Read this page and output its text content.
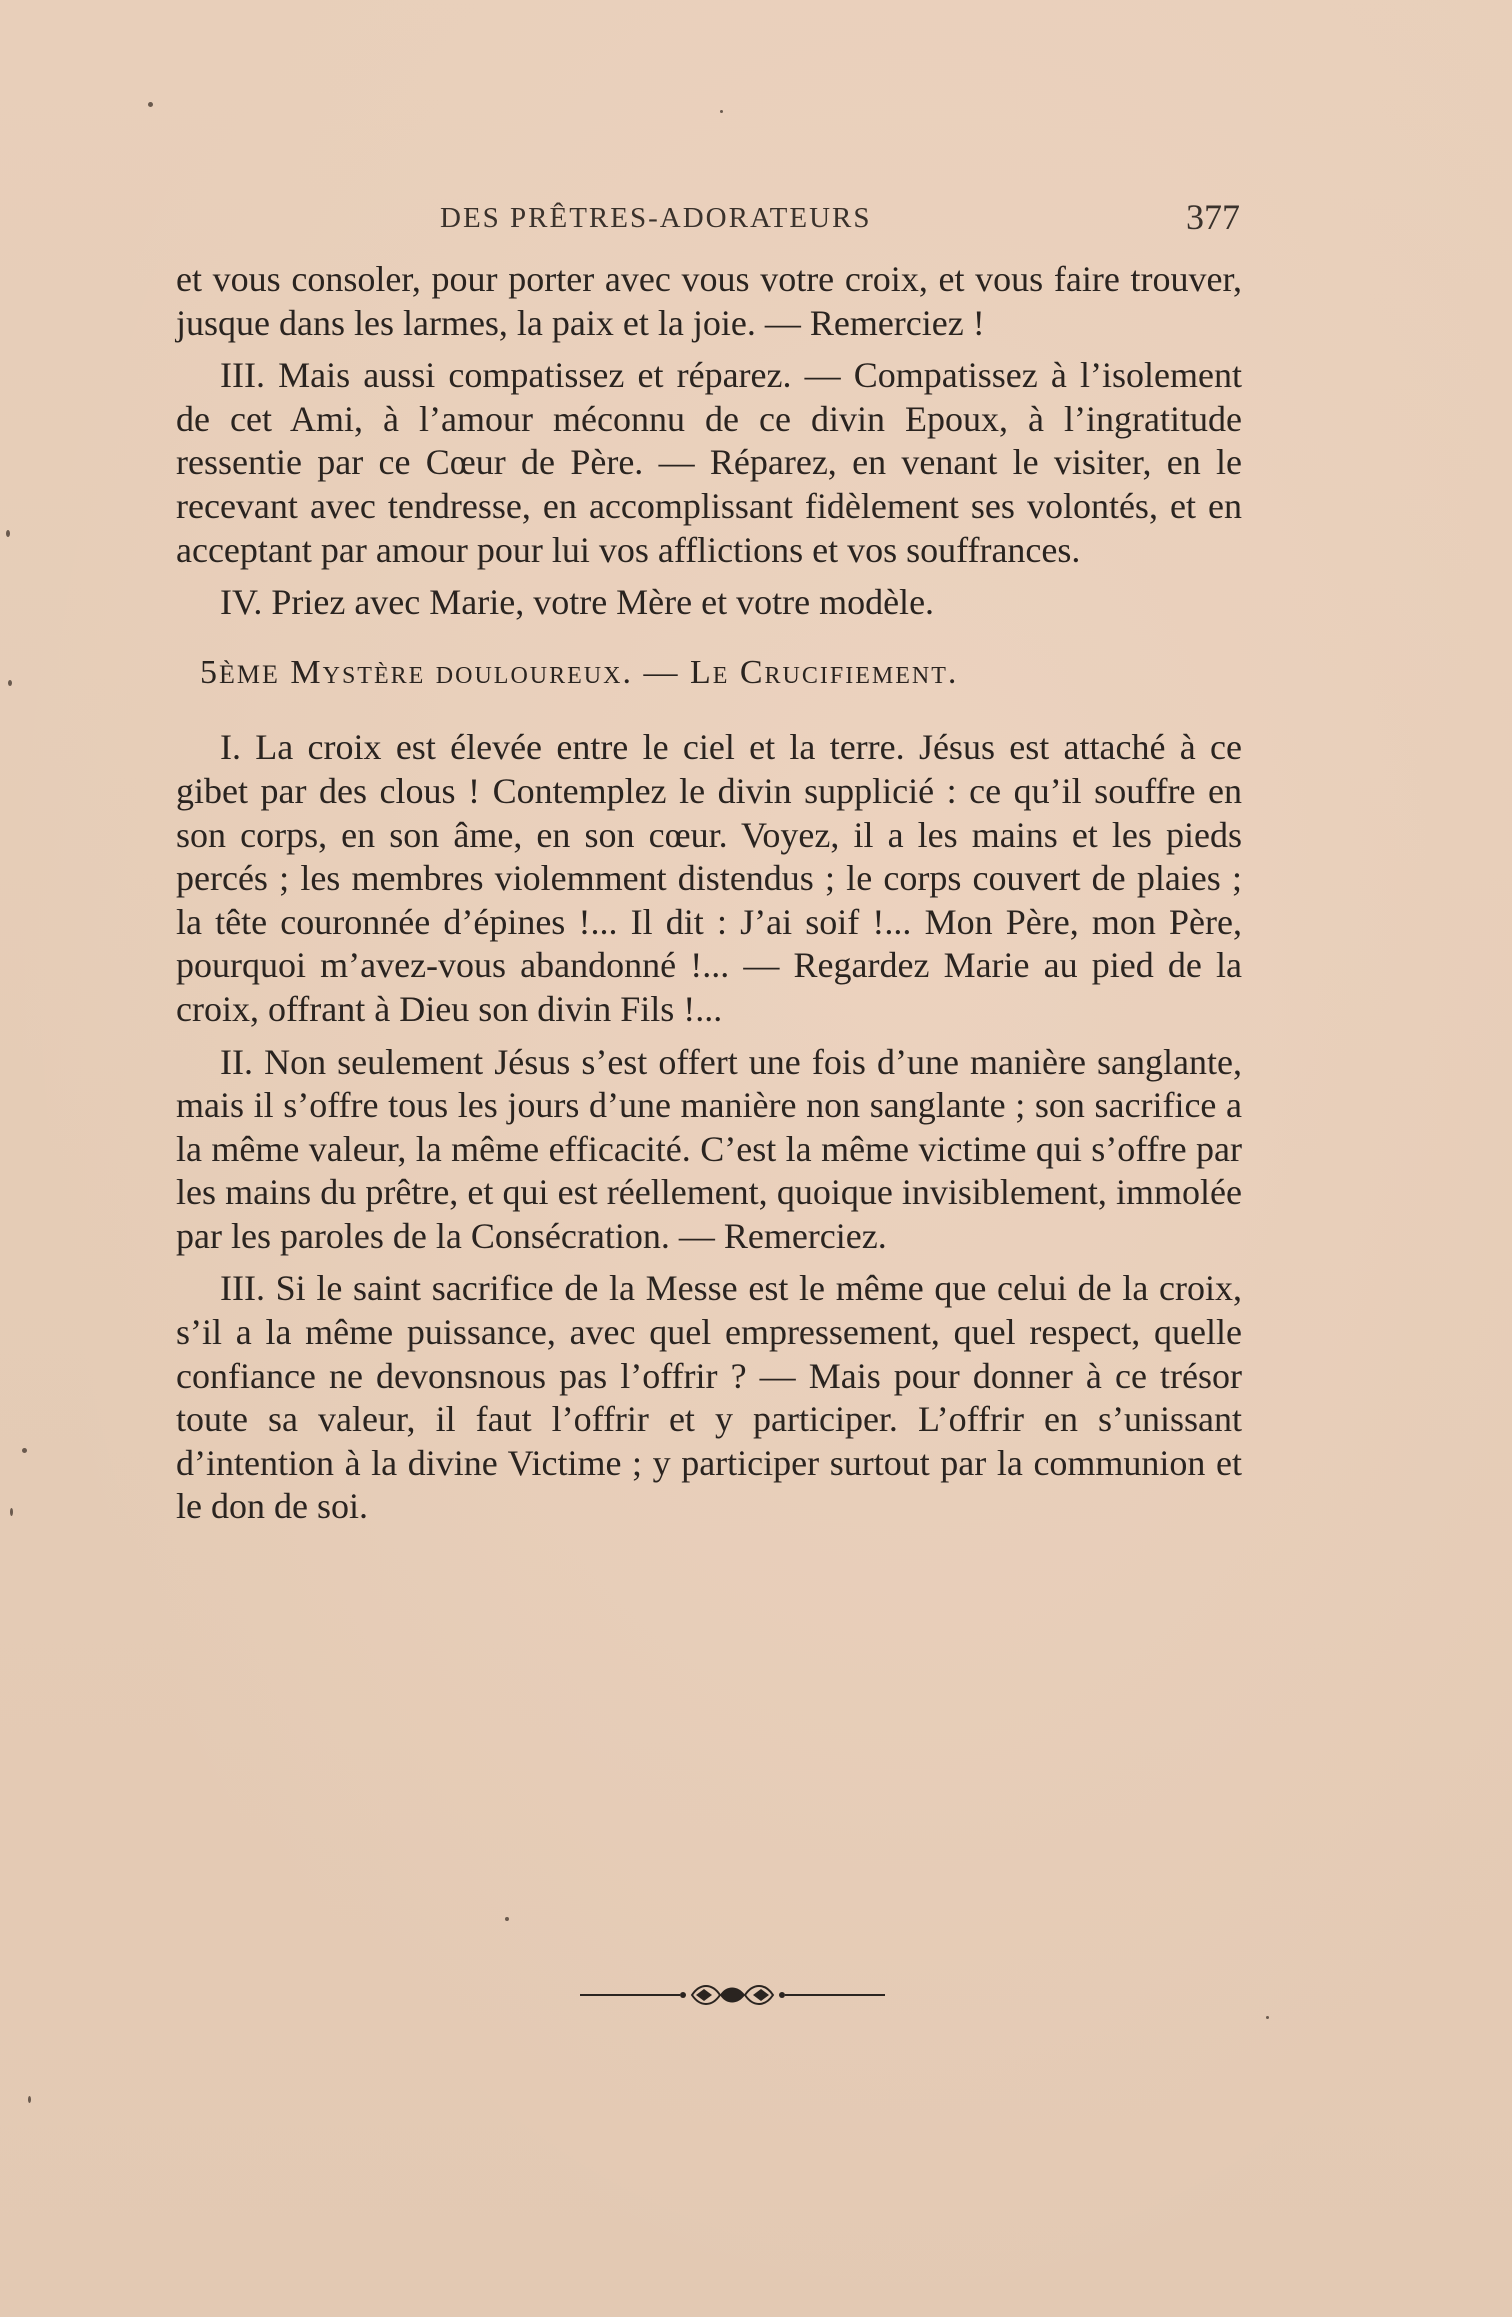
DES PRÊTRES-ADORATEURS	377

et vous consoler, pour porter avec vous votre croix, et vous faire trouver, jusque dans les larmes, la paix et la joie. — Remerciez !

III. Mais aussi compatissez et réparez. — Compatissez à l’isolement de cet Ami, à l’amour méconnu de ce divin Epoux, à l’ingratitude ressentie par ce Cœur de Père. — Réparez, en venant le visiter, en le recevant avec tendresse, en accomplissant fidèlement ses volontés, et en acceptant par amour pour lui vos afflictions et vos souffrances.

IV. Priez avec Marie, votre Mère et votre modèle.

5ÈME Mystère douloureux. — Le Crucifiement.

I. La croix est élevée entre le ciel et la terre. Jésus est attaché à ce gibet par des clous ! Contemplez le divin supplicié : ce qu’il souffre en son corps, en son âme, en son cœur. Voyez, il a les mains et les pieds percés ; les membres violemment distendus ; le corps couvert de plaies ; la tête couronnée d’épines !... Il dit : J’ai soif !... Mon Père, mon Père, pourquoi m’avez-vous abandonné !... — Regardez Marie au pied de la croix, offrant à Dieu son divin Fils !...

II. Non seulement Jésus s’est offert une fois d’une manière sanglante, mais il s’offre tous les jours d’une manière non sanglante ; son sacrifice a la même valeur, la même efficacité. C’est la même victime qui s’offre par les mains du prêtre, et qui est réellement, quoique invisiblement, immolée par les paroles de la Consécration. — Remerciez.

III. Si le saint sacrifice de la Messe est le même que celui de la croix, s’il a la même puissance, avec quel empressement, quel respect, quelle confiance ne devonsnous pas l’offrir ? — Mais pour donner à ce trésor toute sa valeur, il faut l’offrir et y participer. L’offrir en s’unissant d’intention à la divine Victime ; y participer surtout par la communion et le don de soi.
